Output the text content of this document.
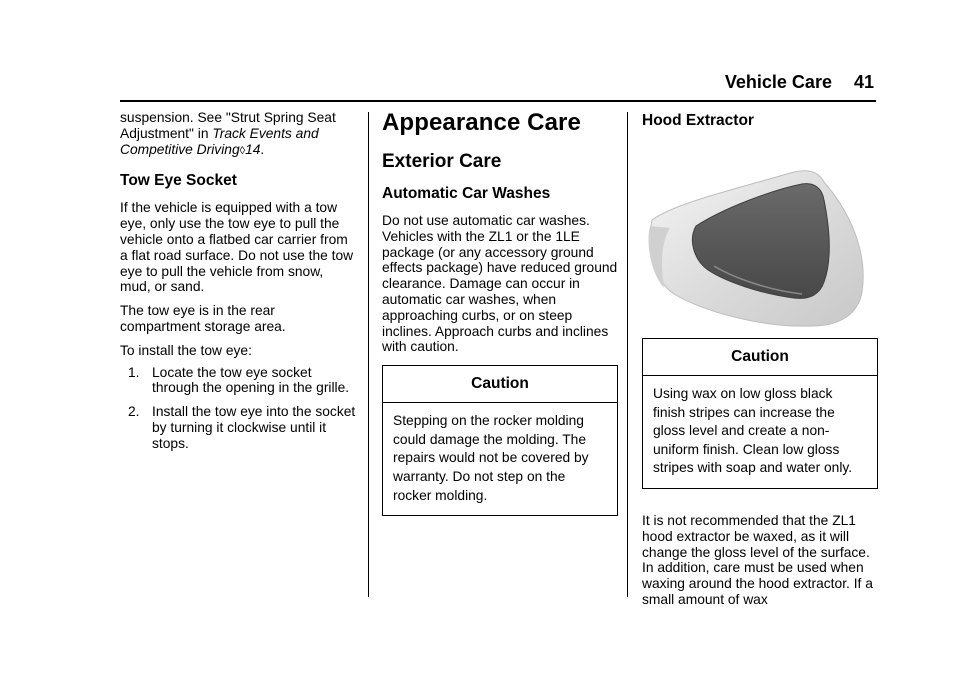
Vehicle Care 41

suspension. See "Strut Spring Seat Adjustment" in Track Events and Competitive Driving◊14.

Tow Eye Socket

If the vehicle is equipped with a tow eye, only use the tow eye to pull the vehicle onto a flatbed car carrier from a flat road surface. Do not use the tow eye to pull the vehicle from snow, mud, or sand.

The tow eye is in the rear compartment storage area.

To install the tow eye:

1. Locate the tow eye socket through the opening in the grille.
2. Install the tow eye into the socket by turning it clockwise until it stops.
Appearance Care
Exterior Care
Automatic Car Washes

Do not use automatic car washes. Vehicles with the ZL1 or the 1LE package (or any accessory ground effects package) have reduced ground clearance. Damage can occur in automatic car washes, when approaching curbs, or on steep inclines. Approach curbs and inclines with caution.

Caution
Stepping on the rocker molding could damage the molding. The repairs would not be covered by warranty. Do not step on the rocker molding.
Hood Extractor
Caution
Using wax on low gloss black finish stripes can increase the gloss level and create a non-uniform finish. Clean low gloss stripes with soap and water only.

It is not recommended that the ZL1 hood extractor be waxed, as it will change the gloss level of the surface. In addition, care must be used when waxing around the hood extractor. If a small amount of wax
